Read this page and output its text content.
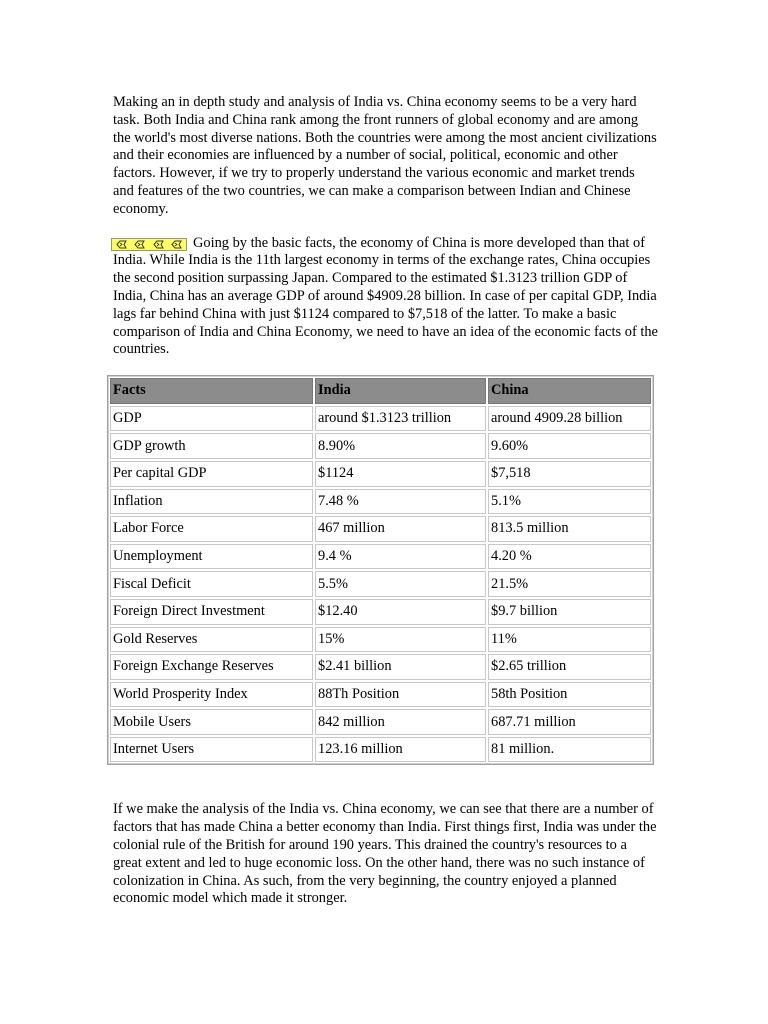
Making an in depth study and analysis of India vs. China economy seems to be a very hard task. Both India and China rank among the front runners of global economy and are among the world's most diverse nations. Both the countries were among the most ancient civilizations and their economies are influenced by a number of social, political, economic and other factors. However, if we try to properly understand the various economic and market trends and features of the two countries, we can make a comparison between Indian and Chinese economy.

Going by the basic facts, the economy of China is more developed than that of India. While India is the 11th largest economy in terms of the exchange rates, China occupies the second position surpassing Japan. Compared to the estimated $1.3123 trillion GDP of India, China has an average GDP of around $4909.28 billion. In case of per capital GDP, India lags far behind China with just $1124 compared to $7,518 of the latter. To make a basic comparison of India and China Economy, we need to have an idea of the economic facts of the countries.

Facts	India	China
GDP	around $1.3123 trillion	around 4909.28 billion
GDP growth	8.90%	9.60%
Per capital GDP	$1124	$7,518
Inflation	7.48 %	5.1%
Labor Force	467 million	813.5 million
Unemployment	9.4 %	4.20 %
Fiscal Deficit	5.5%	21.5%
Foreign Direct Investment	$12.40	$9.7 billion
Gold Reserves	15%	11%
Foreign Exchange Reserves	$2.41 billion	$2.65 trillion
World Prosperity Index	88Th Position	58th Position
Mobile Users	842 million	687.71 million
Internet Users	123.16 million	81 million.

If we make the analysis of the India vs. China economy, we can see that there are a number of factors that has made China a better economy than India. First things first, India was under the colonial rule of the British for around 190 years. This drained the country's resources to a great extent and led to huge economic loss. On the other hand, there was no such instance of colonization in China. As such, from the very beginning, the country enjoyed a planned economic model which made it stronger.
